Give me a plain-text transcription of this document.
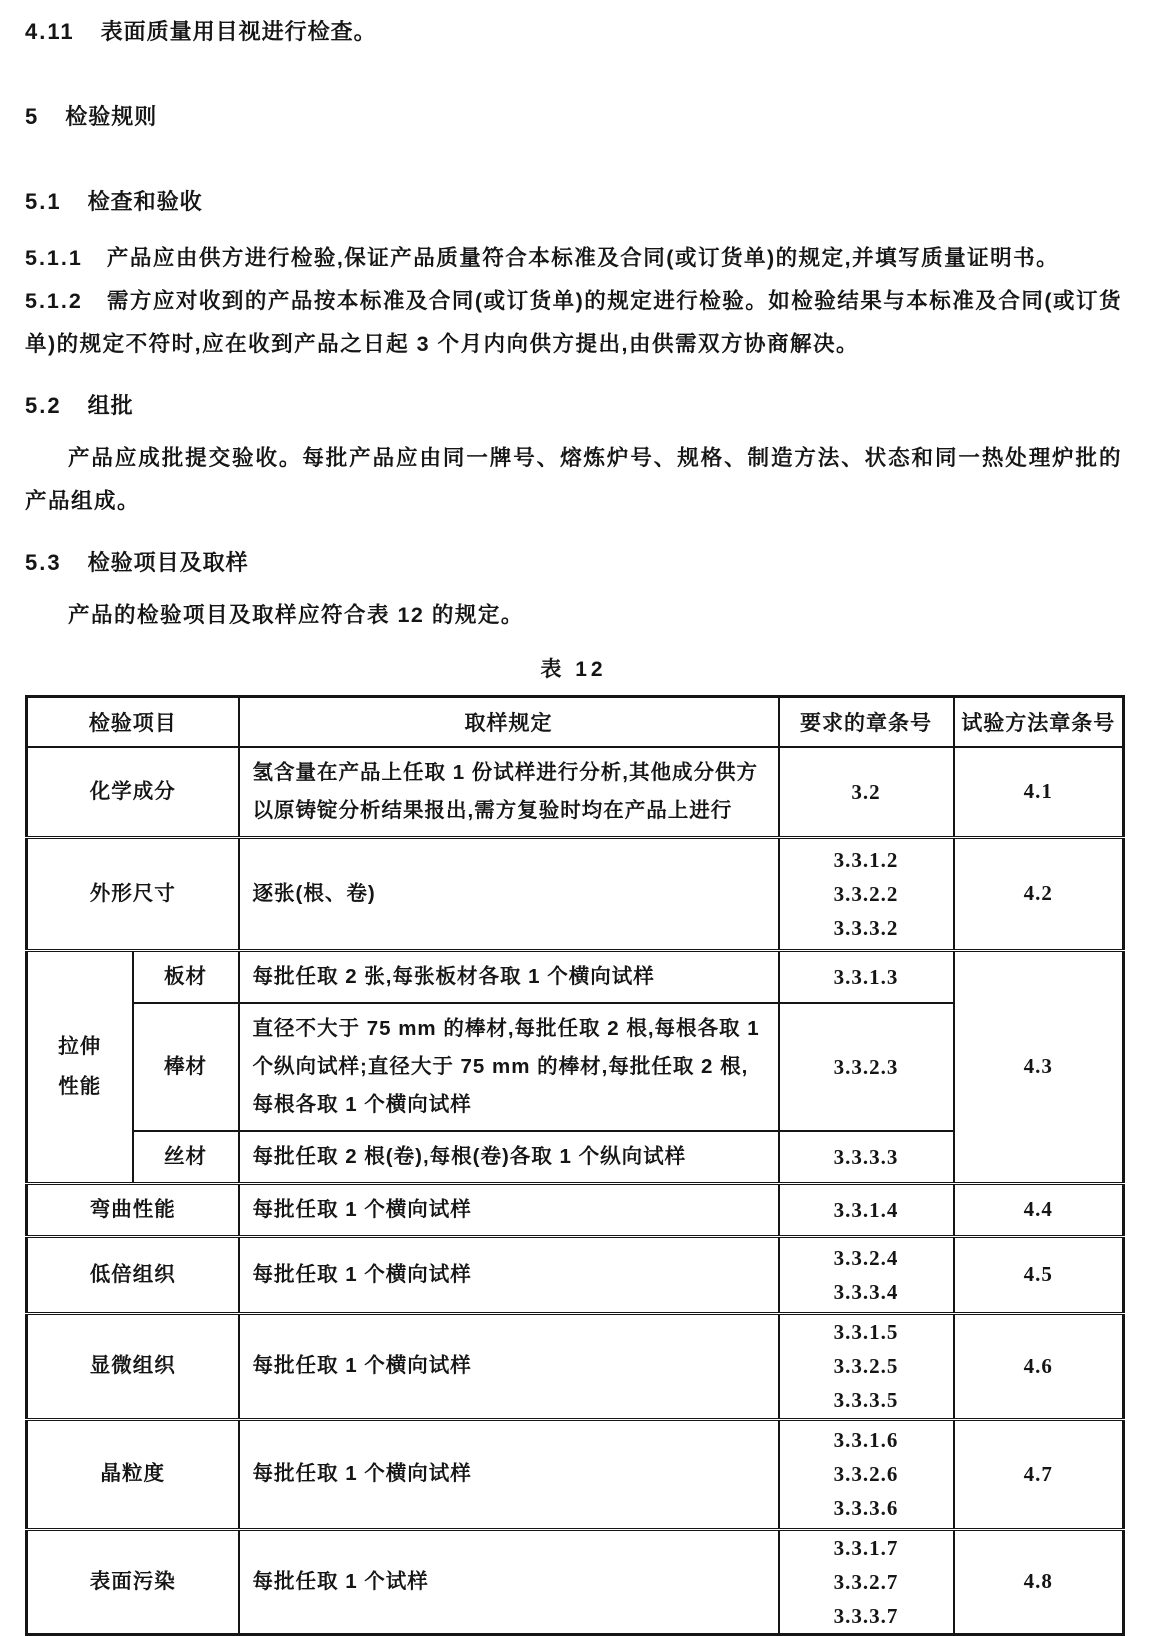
4.11 表面质量用目视进行检查。

5 检验规则

5.1 检查和验收

5.1.1 产品应由供方进行检验,保证产品质量符合本标准及合同(或订货单)的规定,并填写质量证明书。

5.1.2 需方应对收到的产品按本标准及合同(或订货单)的规定进行检验。如检验结果与本标准及合同(或订货单)的规定不符时,应在收到产品之日起 3 个月内向供方提出,由供需双方协商解决。

5.2 组批

产品应成批提交验收。每批产品应由同一牌号、熔炼炉号、规格、制造方法、状态和同一热处理炉批的产品组成。

5.3 检验项目及取样

产品的检验项目及取样应符合表 12 的规定。

表 12
检验项目		取样规定	要求的章条号	试验方法章条号
化学成分		氢含量在产品上任取 1 份试样进行分析,其他成分供方以原铸锭分析结果报出,需方复验时均在产品上进行	3.2	4.1
外形尺寸		逐张(根、卷)	3.3.1.2
3.3.2.2
3.3.3.2	4.2
拉伸性能	板材	每批任取 2 张,每张板材各取 1 个横向试样	3.3.1.3	4.3
	棒材	直径不大于 75 mm 的棒材,每批任取 2 根,每根各取 1 个纵向试样;直径大于 75 mm 的棒材,每批任取 2 根,每根各取 1 个横向试样	3.3.2.3	

	丝材	每批任取 2 根(卷),每根(卷)各取 1 个纵向试样	3.3.3.3	

弯曲性能		每批任取 1 个横向试样	3.3.1.4	4.4
低倍组织		每批任取 1 个横向试样	3.3.2.4
3.3.3.4	4.5
显微组织		每批任取 1 个横向试样	3.3.1.5
3.3.2.5
3.3.3.5	4.6
晶粒度		每批任取 1 个横向试样	3.3.1.6
3.3.2.6
3.3.3.6	4.7
表面污染		每批任取 1 个试样	3.3.1.7
3.3.2.7
3.3.3.7	4.8
